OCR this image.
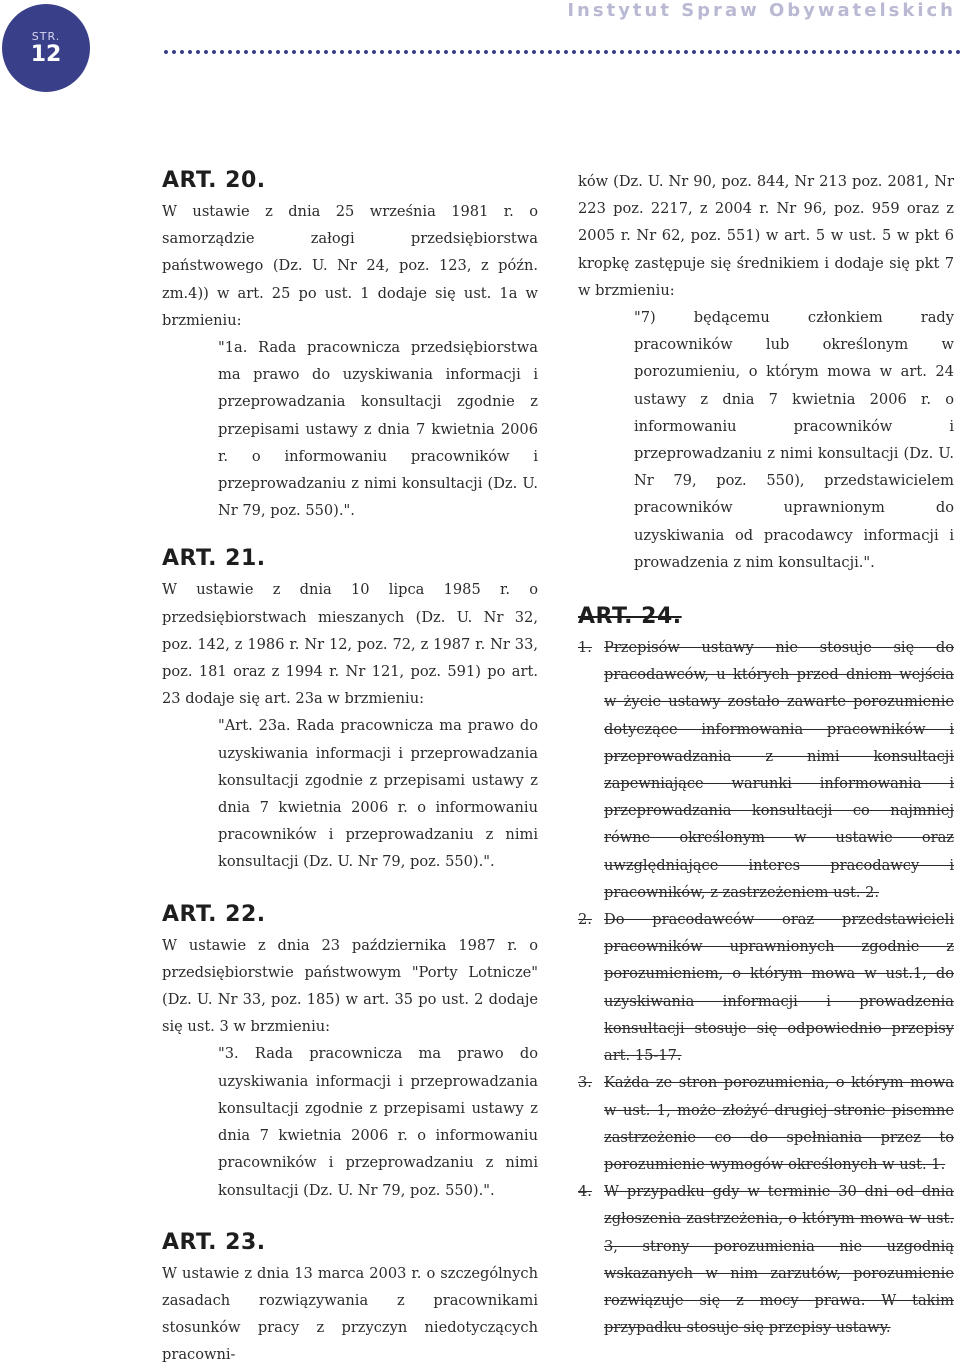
STR.
12
Instytut Spraw Obywatelskich
ART. 20.

W ustawie z dnia 25 września 1981 r. o samorządzie załogi przedsiębiorstwa państwowego (Dz. U. Nr 24, poz. 123, z późn. zm.4)) w art. 25 po ust. 1 dodaje się ust. 1a w brzmieniu:

"1a. Rada pracownicza przedsiębiorstwa ma prawo do uzyskiwania informacji i przeprowadzania konsultacji zgodnie z przepisami ustawy z dnia 7 kwietnia 2006 r. o informowaniu pracowników i przeprowadzaniu z nimi konsultacji (Dz. U. Nr 79, poz. 550).".

ART. 21.

W ustawie z dnia 10 lipca 1985 r. o przedsiębiorstwach mieszanych (Dz. U. Nr 32, poz. 142, z 1986 r. Nr 12, poz. 72, z 1987 r. Nr 33, poz. 181 oraz z 1994 r. Nr 121, poz. 591) po art. 23 dodaje się art. 23a w brzmieniu:

"Art. 23a. Rada pracownicza ma prawo do uzyskiwania informacji i przeprowadzania konsultacji zgodnie z przepisami ustawy z dnia 7 kwietnia 2006 r. o informowaniu pracowników i przeprowadzaniu z nimi konsultacji (Dz. U. Nr 79, poz. 550).".

ART. 22.

W ustawie z dnia 23 października 1987 r. o przedsiębiorstwie państwowym "Porty Lotnicze" (Dz. U. Nr 33, poz. 185) w art. 35 po ust. 2 dodaje się ust. 3 w brzmieniu:

"3. Rada pracownicza ma prawo do uzyskiwania informacji i przeprowadzania konsultacji zgodnie z przepisami ustawy z dnia 7 kwietnia 2006 r. o informowaniu pracowników i przeprowadzaniu z nimi konsultacji (Dz. U. Nr 79, poz. 550).".

ART. 23.

W ustawie z dnia 13 marca 2003 r. o szczególnych zasadach rozwiązywania z pracownikami stosunków pracy z przyczyn niedotyczących pracowni-

ków (Dz. U. Nr 90, poz. 844, Nr 213 poz. 2081, Nr 223 poz. 2217, z 2004 r. Nr 96, poz. 959 oraz z 2005 r. Nr 62, poz. 551) w art. 5 w ust. 5 w pkt 6 kropkę zastępuje się średnikiem i dodaje się pkt 7 w brzmieniu:

"7) będącemu członkiem rady pracowników lub określonym w porozumieniu, o którym mowa w art. 24 ustawy z dnia 7 kwietnia 2006 r. o informowaniu pracowników i przeprowadzaniu z nimi konsultacji (Dz. U. Nr 79, poz. 550), przedstawicielem pracowników uprawnionym do uzyskiwania od pracodawcy informacji i prowadzenia z nim konsultacji.".

ART. 24.
1. Przepisów ustawy nie stosuje się do pracodawców, u których przed dniem wejścia w życie ustawy zostało zawarte porozumienie dotyczące informowania pracowników i przeprowadzania z nimi konsultacji zapewniające warunki informowania i przeprowadzania konsultacji co najmniej równe określonym w ustawie oraz uwzględniające interes pracodawcy i pracowników, z zastrzeżeniem ust. 2.
2. Do pracodawców oraz przedstawicieli pracowników uprawnionych zgodnie z porozumieniem, o którym mowa w ust.1, do uzyskiwania informacji i prowadzenia konsultacji stosuje się odpowiednio przepisy art. 15-17.
3. Każda ze stron porozumienia, o którym mowa w ust. 1, może złożyć drugiej stronie pisemne zastrzeżenie co do spełniania przez to porozumienie wymogów określonych w ust. 1.
4. W przypadku gdy w terminie 30 dni od dnia zgłoszenia zastrzeżenia, o którym mowa w ust. 3, strony porozumienia nie uzgodnią wskazanych w nim zarzutów, porozumienie rozwiązuje się z mocy prawa. W takim przypadku stosuje się przepisy ustawy.
